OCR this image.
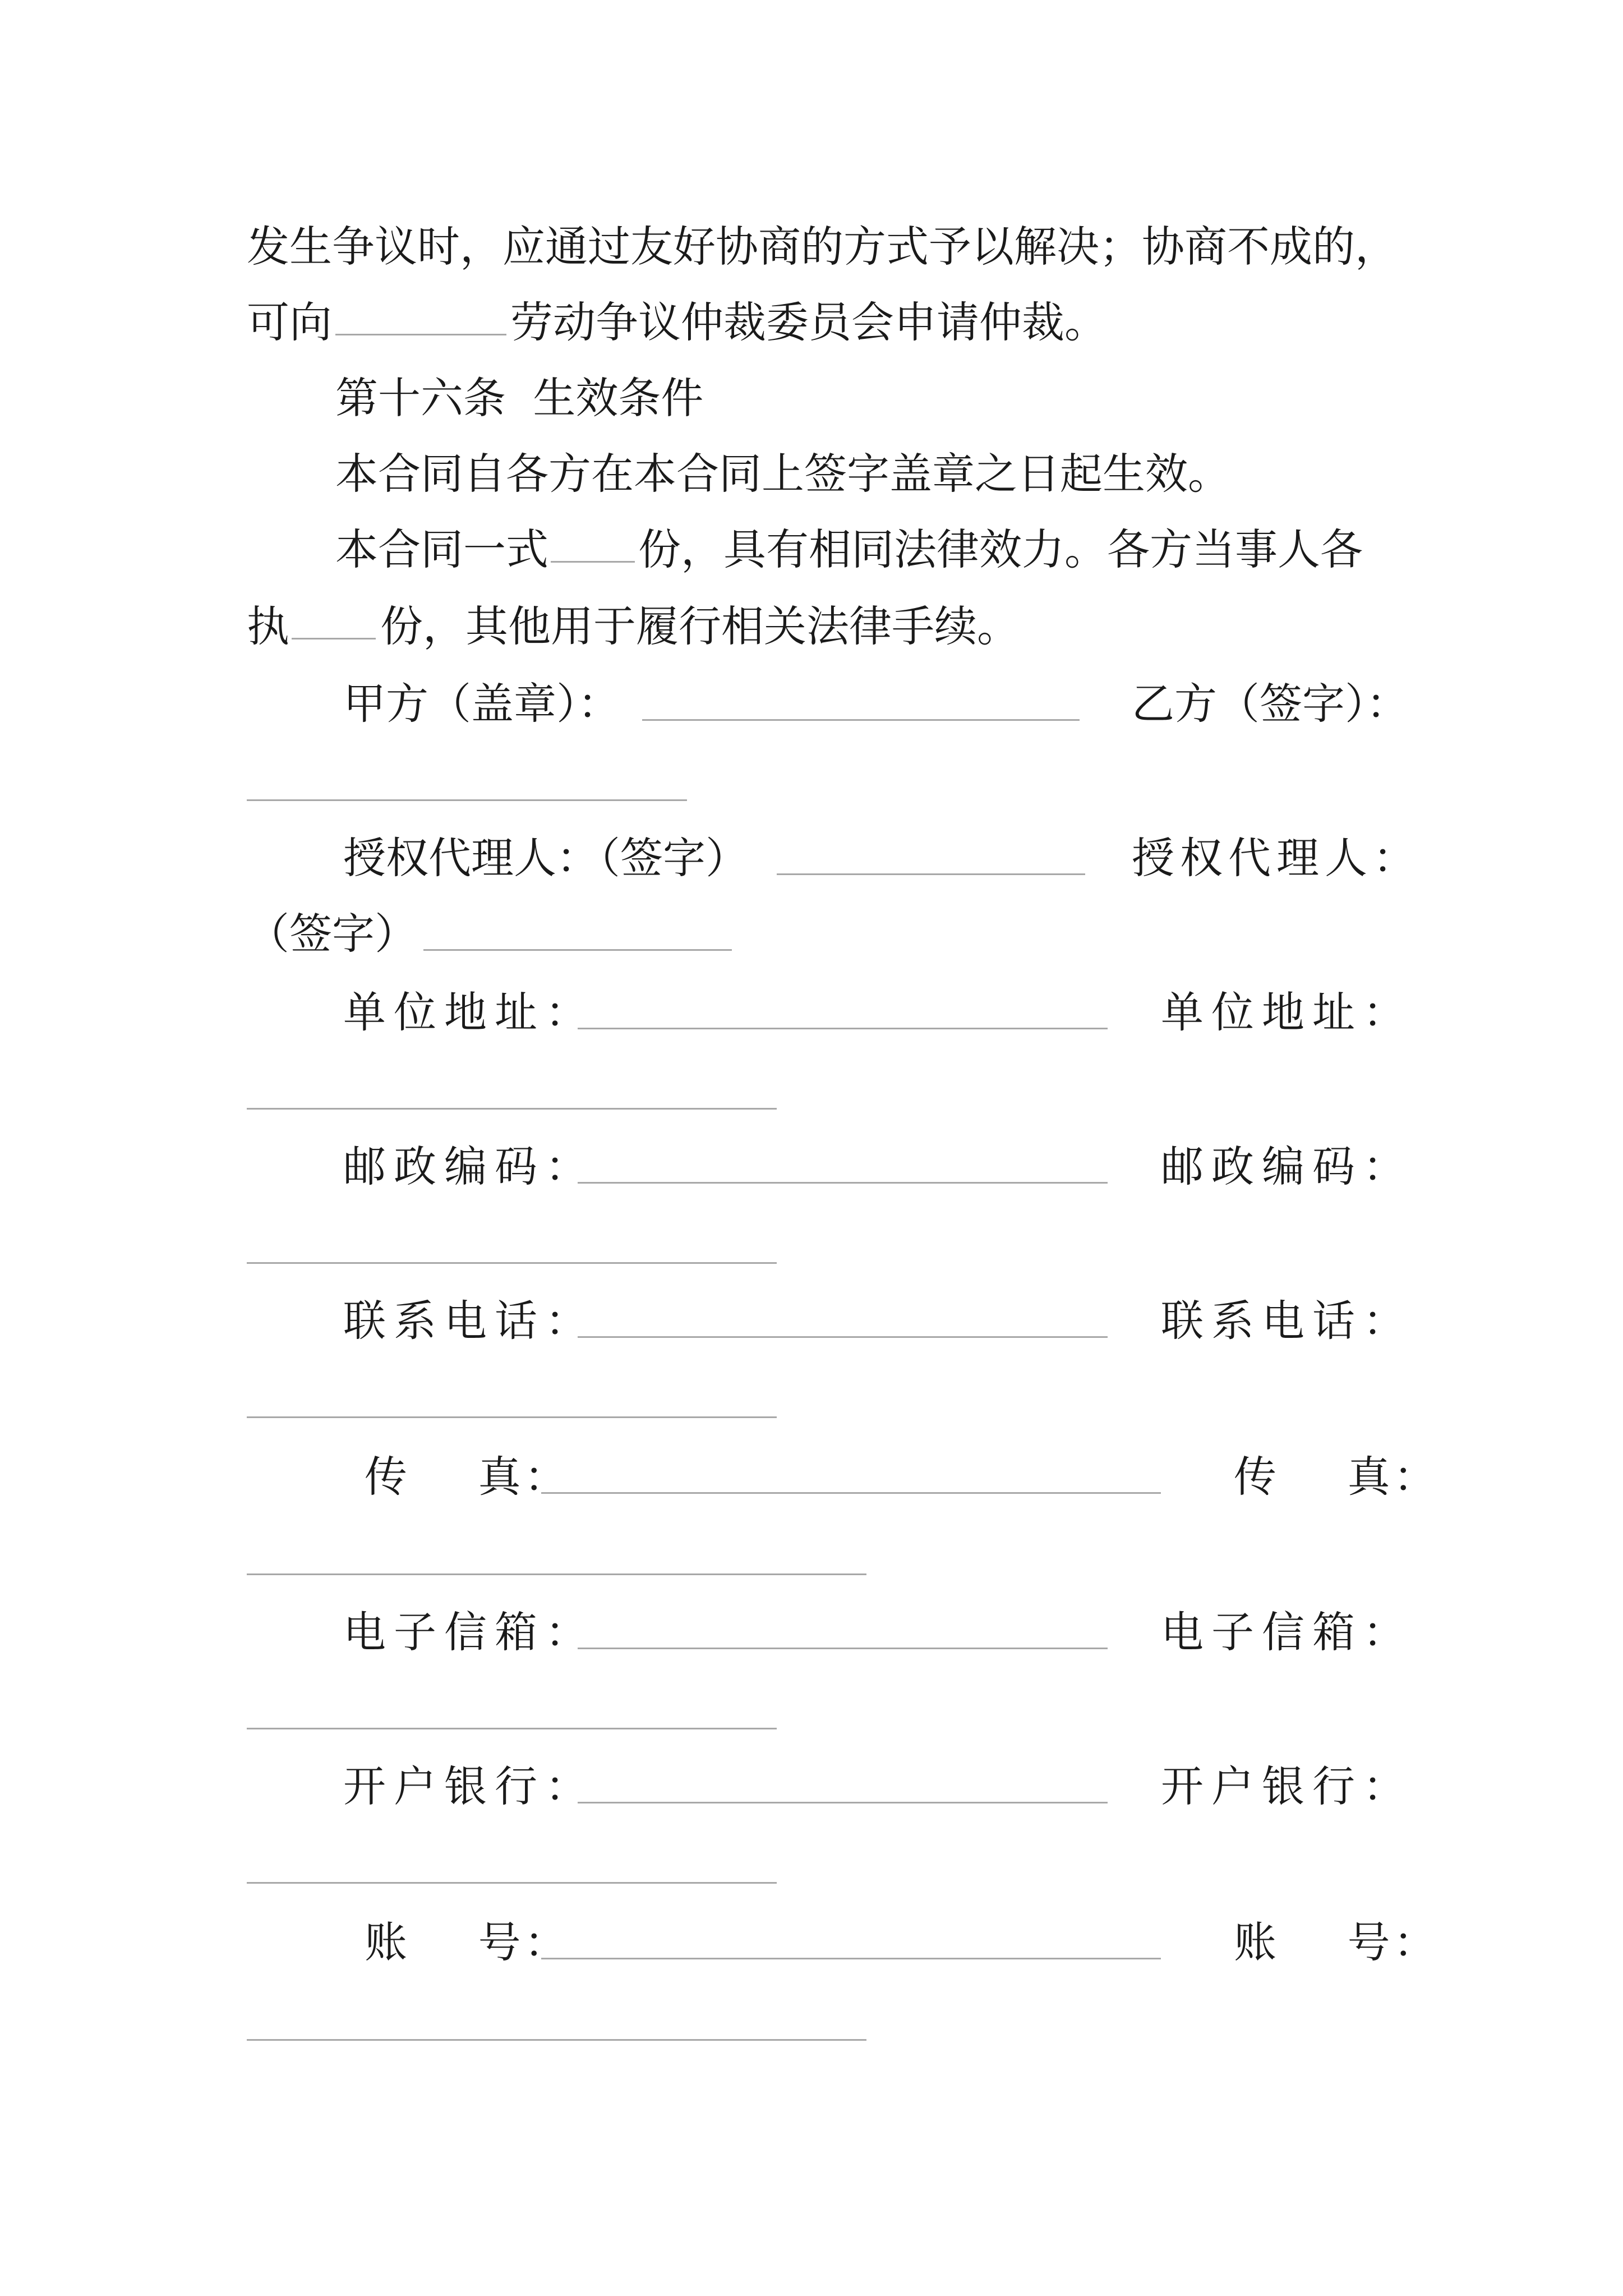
发生争议时，应通过友好协商的方式予以解决；协商不成的，
可向	劳动争议仲裁委员会申请仲裁。
第十六条  生效条件
本合同自各方在本合同上签字盖章之日起生效。
本合同一式 份，具有相同法律效力。各方当事人各
执 份，其他用于履行相关法律手续。
甲方（盖章）：	乙方（签字）：
授权代理人：（签字）	授权代理人：
（签字）
单位地址：	单位地址：
邮政编码：	邮政编码：
联系电话：	联系电话：
传    真：	传    真：
电子信箱：	电子信箱：
开户银行：	开户银行：
账    号：	账    号：
